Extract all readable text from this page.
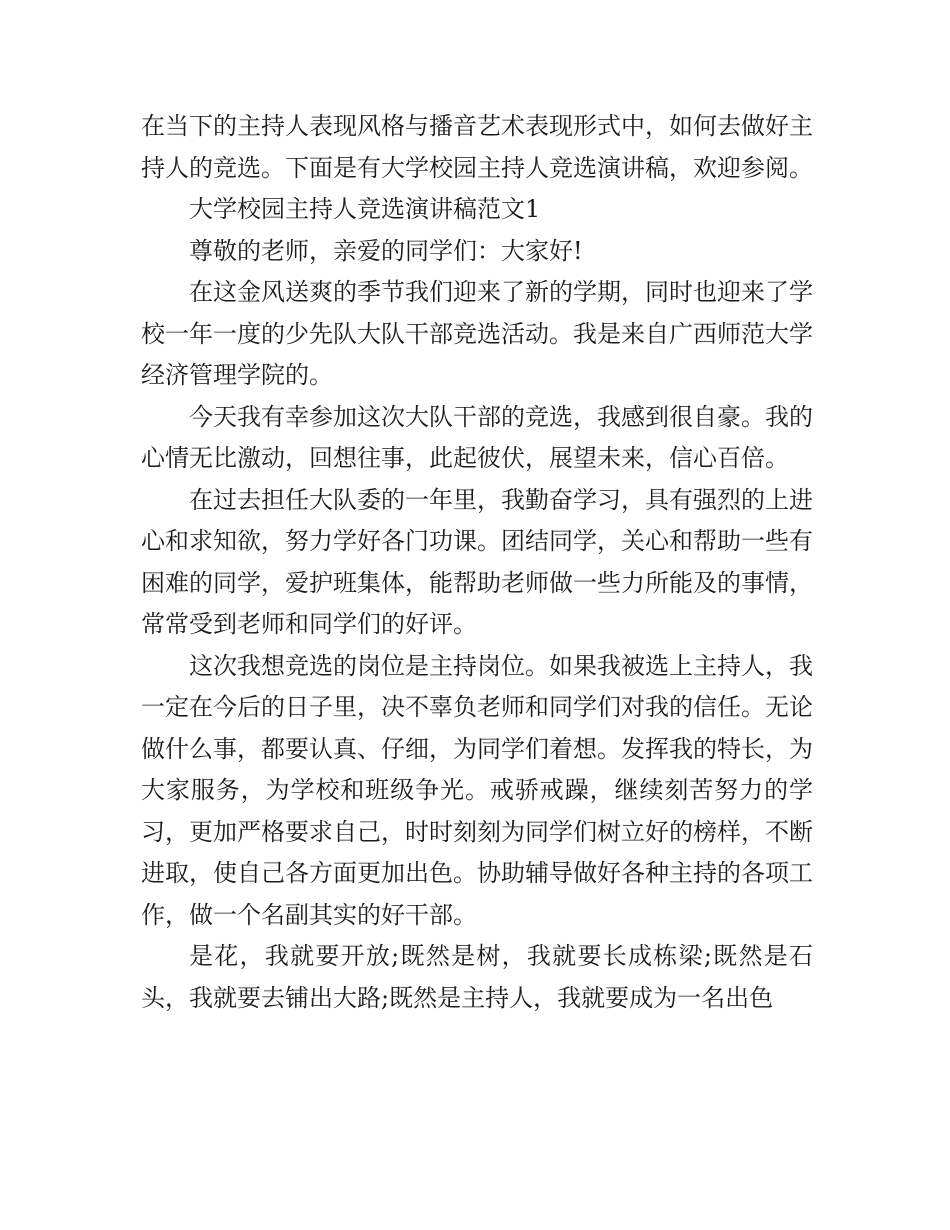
在当下的主持人表现风格与播音艺术表现形式中，如何去做好主持人的竞选。下面是有大学校园主持人竞选演讲稿，欢迎参阅。

大学校园主持人竞选演讲稿范文1

尊敬的老师，亲爱的同学们：大家好!

在这金风送爽的季节我们迎来了新的学期，同时也迎来了学校一年一度的少先队大队干部竞选活动。我是来自广西师范大学经济管理学院的。

今天我有幸参加这次大队干部的竞选，我感到很自豪。我的心情无比激动，回想往事，此起彼伏，展望未来，信心百倍。

在过去担任大队委的一年里，我勤奋学习，具有强烈的上进心和求知欲，努力学好各门功课。团结同学，关心和帮助一些有困难的同学，爱护班集体，能帮助老师做一些力所能及的事情，常常受到老师和同学们的好评。

这次我想竞选的岗位是主持岗位。如果我被选上主持人，我一定在今后的日子里，决不辜负老师和同学们对我的信任。无论做什么事，都要认真、仔细，为同学们着想。发挥我的特长，为大家服务，为学校和班级争光。戒骄戒躁，继续刻苦努力的学习，更加严格要求自己，时时刻刻为同学们树立好的榜样，不断进取，使自己各方面更加出色。协助辅导做好各种主持的各项工作，做一个名副其实的好干部。

是花，我就要开放;既然是树，我就要长成栋梁;既然是石头，我就要去铺出大路;既然是主持人，我就要成为一名出色
